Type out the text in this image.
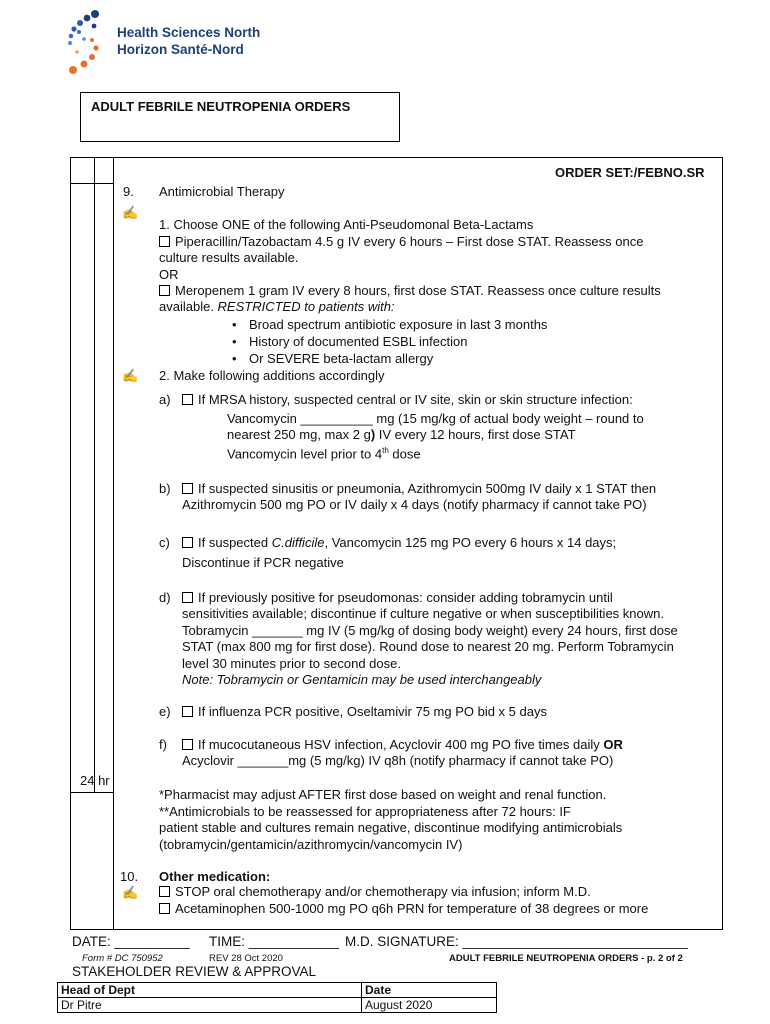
Health Sciences North
Horizon Santé-Nord
ADULT FEBRILE NEUTROPENIA ORDERS
ORDER SET:/FEBNO.SR
24 hr
9. Antimicrobial Therapy
✍
1. Choose ONE of the following Anti-Pseudomonal Beta-Lactams
Piperacillin/Tazobactam 4.5 g IV every 6 hours – First dose STAT. Reassess once
culture results available.
OR
Meropenem 1 gram IV every 8 hours, first dose STAT. Reassess once culture results
available. RESTRICTED to patients with:
• Broad spectrum antibiotic exposure in last 3 months
• History of documented ESBL infection
• Or SEVERE beta-lactam allergy
✍ 2. Make following additions accordingly
a)	If MRSA history, suspected central or IV site, skin or skin structure infection:
Vancomycin __________ mg (15 mg/kg of actual body weight – round to
nearest 250 mg, max 2 g) IV every 12 hours, first dose STAT
Vancomycin level prior to 4th dose
b)	If suspected sinusitis or pneumonia, Azithromycin 500mg IV daily x 1 STAT then
Azithromycin 500 mg PO or IV daily x 4 days (notify pharmacy if cannot take PO)
c)	If suspected C.difficile, Vancomycin 125 mg PO every 6 hours x 14 days;
Discontinue if PCR negative
d)	If previously positive for pseudomonas: consider adding tobramycin until
sensitivities available; discontinue if culture negative or when susceptibilities known.
Tobramycin _______ mg IV (5 mg/kg of dosing body weight) every 24 hours, first dose
STAT (max 800 mg for first dose). Round dose to nearest 20 mg. Perform Tobramycin
level 30 minutes prior to second dose.
Note: Tobramycin or Gentamicin may be used interchangeably
e)	If influenza PCR positive, Oseltamivir 75 mg PO bid x 5 days
f)	If mucocutaneous HSV infection, Acyclovir 400 mg PO five times daily OR
Acyclovir _______mg (5 mg/kg) IV q8h (notify pharmacy if cannot take PO)
*Pharmacist may adjust AFTER first dose based on weight and renal function.
**Antimicrobials to be reassessed for appropriateness after 72 hours: IF
patient stable and cultures remain negative, discontinue modifying antimicrobials
(tobramycin/gentamicin/azithromycin/vancomycin IV)
10. Other medication:
✍	STOP oral chemotherapy and/or chemotherapy via infusion; inform M.D.
Acetaminophen 500-1000 mg PO q6h PRN for temperature of 38 degrees or more
DATE: __________ TIME: ____________ M.D. SIGNATURE: ______________________________
Form # DC 750952	REV 28 Oct 2020	ADULT FEBRILE NEUTROPENIA ORDERS - p. 2 of 2
STAKEHOLDER REVIEW & APPROVAL
Head of Dept	Date
Dr Pitre	August 2020
